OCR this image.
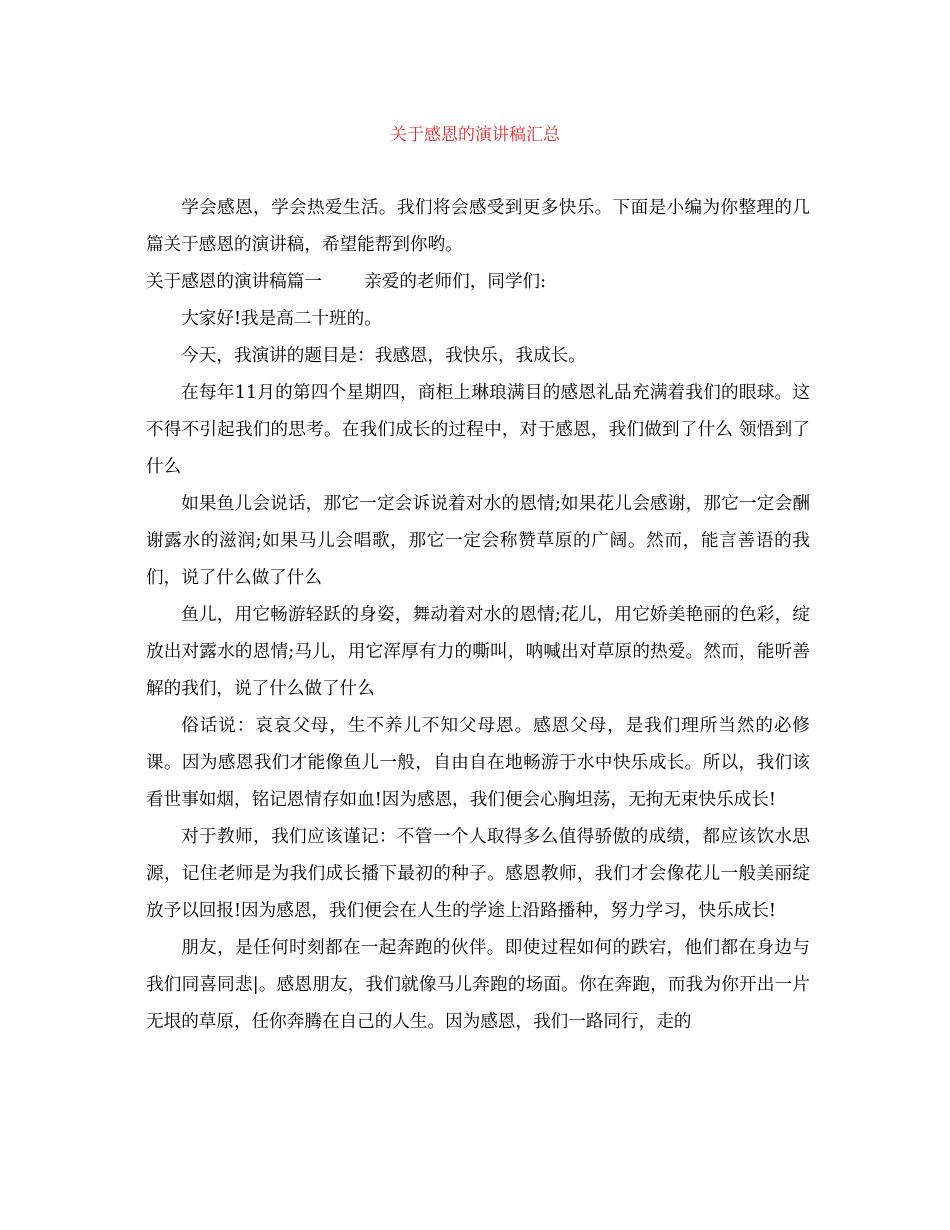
关于感恩的演讲稿汇总

学会感恩，学会热爱生活。我们将会感受到更多快乐。下面是小编为你整理的几篇关于感恩的演讲稿，希望能帮到你哟。

关于感恩的演讲稿篇一 亲爱的老师们，同学们:

大家好!我是高二十班的。

今天，我演讲的题目是：我感恩，我快乐，我成长。

在每年11月的第四个星期四，商柜上琳琅满目的感恩礼品充满着我们的眼球。这不得不引起我们的思考。在我们成长的过程中，对于感恩，我们做到了什么 领悟到了什么

如果鱼儿会说话，那它一定会诉说着对水的恩情;如果花儿会感谢，那它一定会酬谢露水的滋润;如果马儿会唱歌，那它一定会称赞草原的广阔。然而，能言善语的我们，说了什么做了什么

鱼儿，用它畅游轻跃的身姿，舞动着对水的恩情;花儿，用它娇美艳丽的色彩，绽放出对露水的恩情;马儿，用它浑厚有力的嘶叫，呐喊出对草原的热爱。然而，能听善解的我们，说了什么做了什么

俗话说：哀哀父母，生不养儿不知父母恩。感恩父母，是我们理所当然的必修课。因为感恩我们才能像鱼儿一般，自由自在地畅游于水中快乐成长。所以，我们该看世事如烟，铭记恩情存如血!因为感恩，我们便会心胸坦荡，无拘无束快乐成长!

对于教师，我们应该谨记：不管一个人取得多么值得骄傲的成绩，都应该饮水思源，记住老师是为我们成长播下最初的种子。感恩教师，我们才会像花儿一般美丽绽放予以回报!因为感恩，我们便会在人生的学途上沿路播种，努力学习，快乐成长!

朋友，是任何时刻都在一起奔跑的伙伴。即使过程如何的跌宕，他们都在身边与我们同喜同悲|。感恩朋友，我们就像马儿奔跑的场面。你在奔跑，而我为你开出一片无垠的草原，任你奔腾在自己的人生。因为感恩，我们一路同行，走的
